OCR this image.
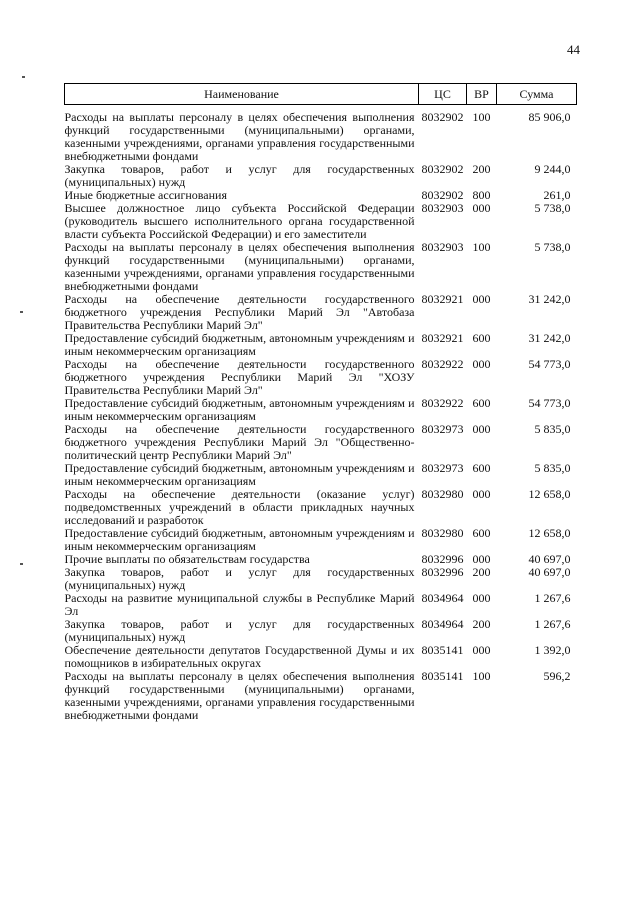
44
Наименование	ЦС	ВР	Сумма
Расходы на выплаты персоналу в целях обеспечения выполнения функций государственными (муниципальными) органами, казенными учреждениями, органами управления государственными внебюджетными фондами	8032902	100	85 906,0
Закупка товаров, работ и услуг для государственных (муниципальных) нужд	8032902	200	9 244,0
Иные бюджетные ассигнования	8032902	800	261,0
Высшее должностное лицо субъекта Российской Федерации (руководитель высшего исполнительного органа государственной власти субъекта Российской Федерации) и его заместители	8032903	000	5 738,0
Расходы на выплаты персоналу в целях обеспечения выполнения функций государственными (муниципальными) органами, казенными учреждениями, органами управления государственными внебюджетными фондами	8032903	100	5 738,0
Расходы на обеспечение деятельности государственного бюджетного учреждения Республики Марий Эл "Автобаза Правительства Республики Марий Эл"	8032921	000	31 242,0
Предоставление субсидий бюджетным, автономным учреждениям и иным некоммерческим организациям	8032921	600	31 242,0
Расходы на обеспечение деятельности государственного бюджетного учреждения Республики Марий Эл "ХОЗУ Правительства Республики Марий Эл"	8032922	000	54 773,0
Предоставление субсидий бюджетным, автономным учреждениям и иным некоммерческим организациям	8032922	600	54 773,0
Расходы на обеспечение деятельности государственного бюджетного учреждения Республики Марий Эл "Общественно-политический центр Республики Марий Эл"	8032973	000	5 835,0
Предоставление субсидий бюджетным, автономным учреждениям и иным некоммерческим организациям	8032973	600	5 835,0
Расходы на обеспечение деятельности (оказание услуг) подведомственных учреждений в области прикладных научных исследований и разработок	8032980	000	12 658,0
Предоставление субсидий бюджетным, автономным учреждениям и иным некоммерческим организациям	8032980	600	12 658,0
Прочие выплаты по обязательствам государства	8032996	000	40 697,0
Закупка товаров, работ и услуг для государственных (муниципальных) нужд	8032996	200	40 697,0
Расходы на развитие муниципальной службы в Республике Марий Эл	8034964	000	1 267,6
Закупка товаров, работ и услуг для государственных (муниципальных) нужд	8034964	200	1 267,6
Обеспечение деятельности депутатов Государственной Думы и их помощников в избирательных округах	8035141	000	1 392,0
Расходы на выплаты персоналу в целях обеспечения выполнения функций государственными (муниципальными) органами, казенными учреждениями, органами управления государственными внебюджетными фондами	8035141	100	596,2
